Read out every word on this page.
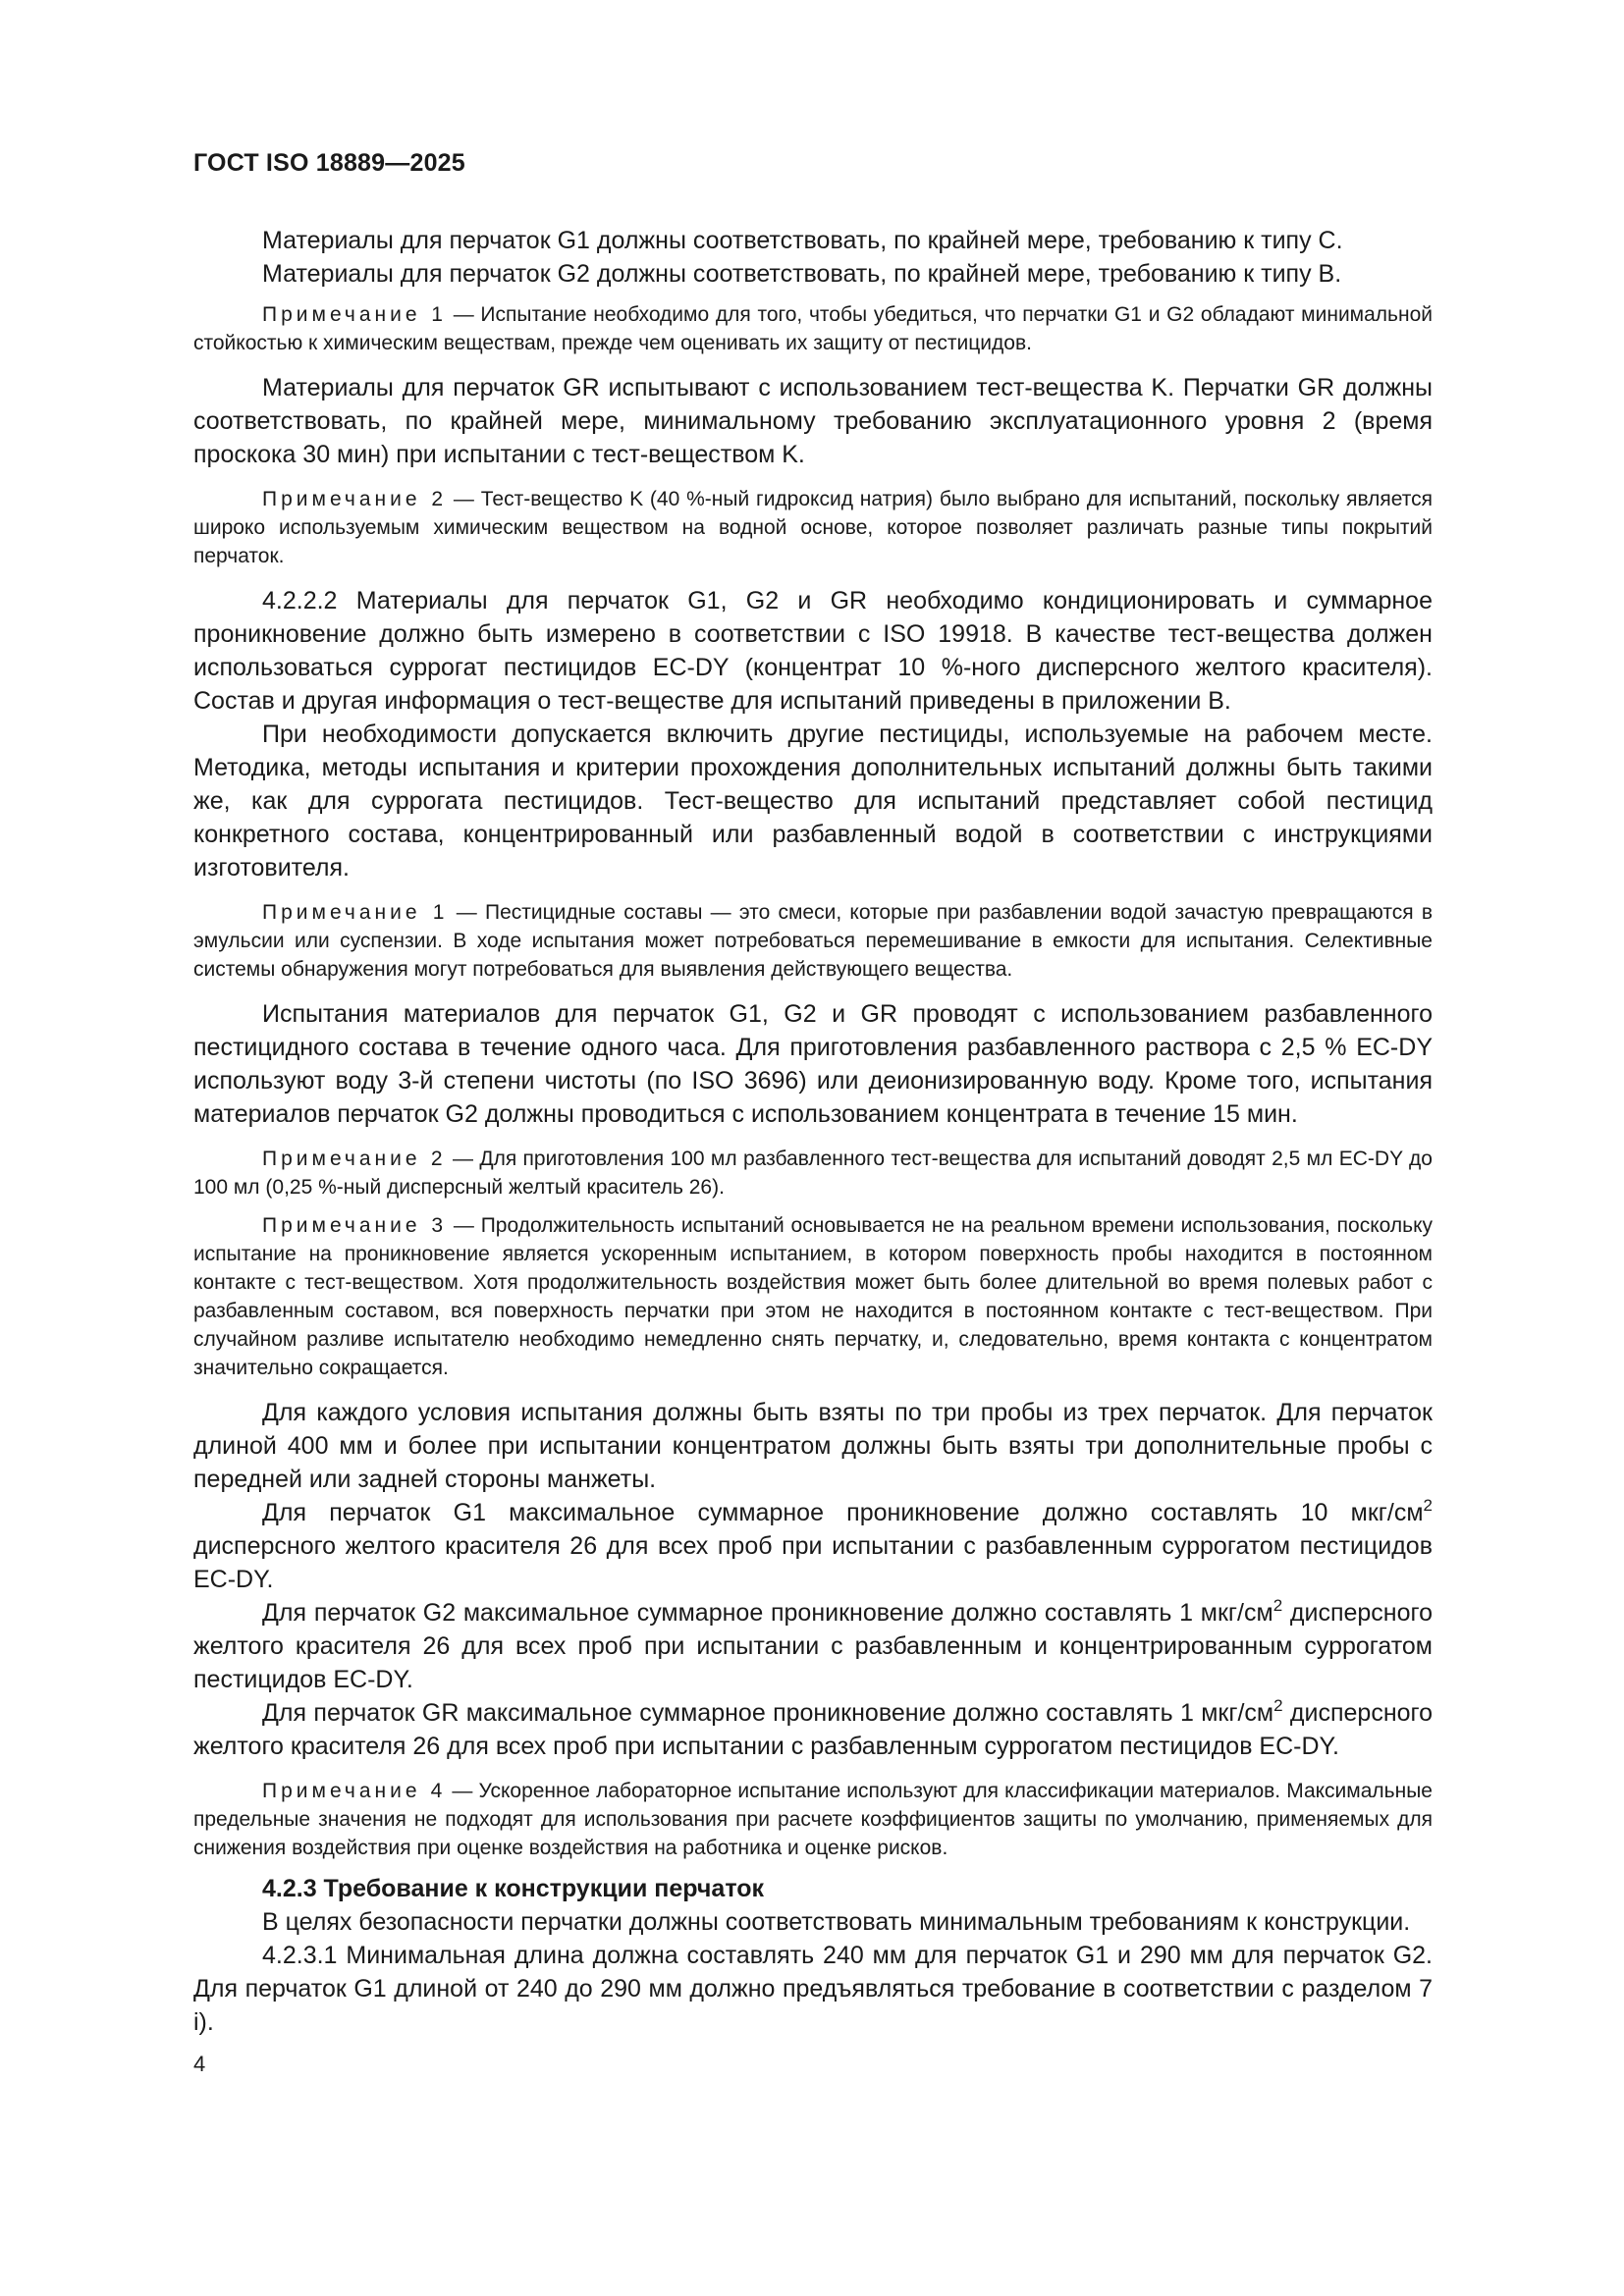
ГОСТ ISO 18889—2025

Материалы для перчаток G1 должны соответствовать, по крайней мере, требованию к типу С.

Материалы для перчаток G2 должны соответствовать, по крайней мере, требованию к типу В.

Примечание 1 — Испытание необходимо для того, чтобы убедиться, что перчатки G1 и G2 обладают минимальной стойкостью к химическим веществам, прежде чем оценивать их защиту от пестицидов.

Материалы для перчаток GR испытывают с использованием тест-вещества K. Перчатки GR должны соответствовать, по крайней мере, минимальному требованию эксплуатационного уровня 2 (время проскока 30 мин) при испытании с тест-веществом K.

Примечание 2 — Тест-вещество K (40 %-ный гидроксид натрия) было выбрано для испытаний, поскольку является широко используемым химическим веществом на водной основе, которое позволяет различать разные типы покрытий перчаток.

4.2.2.2 Материалы для перчаток G1, G2 и GR необходимо кондиционировать и суммарное проникновение должно быть измерено в соответствии с ISO 19918. В качестве тест-вещества должен использоваться суррогат пестицидов EC-DY (концентрат 10 %-ного дисперсного желтого красителя). Состав и другая информация о тест-веществе для испытаний приведены в приложении B.

При необходимости допускается включить другие пестициды, используемые на рабочем месте. Методика, методы испытания и критерии прохождения дополнительных испытаний должны быть такими же, как для суррогата пестицидов. Тест-вещество для испытаний представляет собой пестицид конкретного состава, концентрированный или разбавленный водой в соответствии с инструкциями изготовителя.

Примечание 1 — Пестицидные составы — это смеси, которые при разбавлении водой зачастую превращаются в эмульсии или суспензии. В ходе испытания может потребоваться перемешивание в емкости для испытания. Селективные системы обнаружения могут потребоваться для выявления действующего вещества.

Испытания материалов для перчаток G1, G2 и GR проводят с использованием разбавленного пестицидного состава в течение одного часа. Для приготовления разбавленного раствора с 2,5 % EC-DY используют воду 3-й степени чистоты (по ISO 3696) или деионизированную воду. Кроме того, испытания материалов перчаток G2 должны проводиться с использованием концентрата в течение 15 мин.

Примечание 2 — Для приготовления 100 мл разбавленного тест-вещества для испытаний доводят 2,5 мл EC-DY до 100 мл (0,25 %-ный дисперсный желтый краситель 26).

Примечание 3 — Продолжительность испытаний основывается не на реальном времени использования, поскольку испытание на проникновение является ускоренным испытанием, в котором поверхность пробы находится в постоянном контакте с тест-веществом. Хотя продолжительность воздействия может быть более длительной во время полевых работ с разбавленным составом, вся поверхность перчатки при этом не находится в постоянном контакте с тест-веществом. При случайном разливе испытателю необходимо немедленно снять перчатку, и, следовательно, время контакта с концентратом значительно сокращается.

Для каждого условия испытания должны быть взяты по три пробы из трех перчаток. Для перчаток длиной 400 мм и более при испытании концентратом должны быть взяты три дополнительные пробы с передней или задней стороны манжеты.

Для перчаток G1 максимальное суммарное проникновение должно составлять 10 мкг/$см^2$ дисперсного желтого красителя 26 для всех проб при испытании с разбавленным суррогатом пестицидов EC-DY.

Для перчаток G2 максимальное суммарное проникновение должно составлять 1 мкг/$см^2$ дисперсного желтого красителя 26 для всех проб при испытании с разбавленным и концентрированным суррогатом пестицидов EC-DY.

Для перчаток GR максимальное суммарное проникновение должно составлять 1 мкг/$см^2$ дисперсного желтого красителя 26 для всех проб при испытании с разбавленным суррогатом пестицидов EC-DY.

Примечание 4 — Ускоренное лабораторное испытание используют для классификации материалов. Максимальные предельные значения не подходят для использования при расчете коэффициентов защиты по умолчанию, применяемых для снижения воздействия при оценке воздействия на работника и оценке рисков.

4.2.3 Требование к конструкции перчаток

В целях безопасности перчатки должны соответствовать минимальным требованиям к конструкции.

4.2.3.1 Минимальная длина должна составлять 240 мм для перчаток G1 и 290 мм для перчаток G2. Для перчаток G1 длиной от 240 до 290 мм должно предъявляться требование в соответствии с разделом 7 i).

4
